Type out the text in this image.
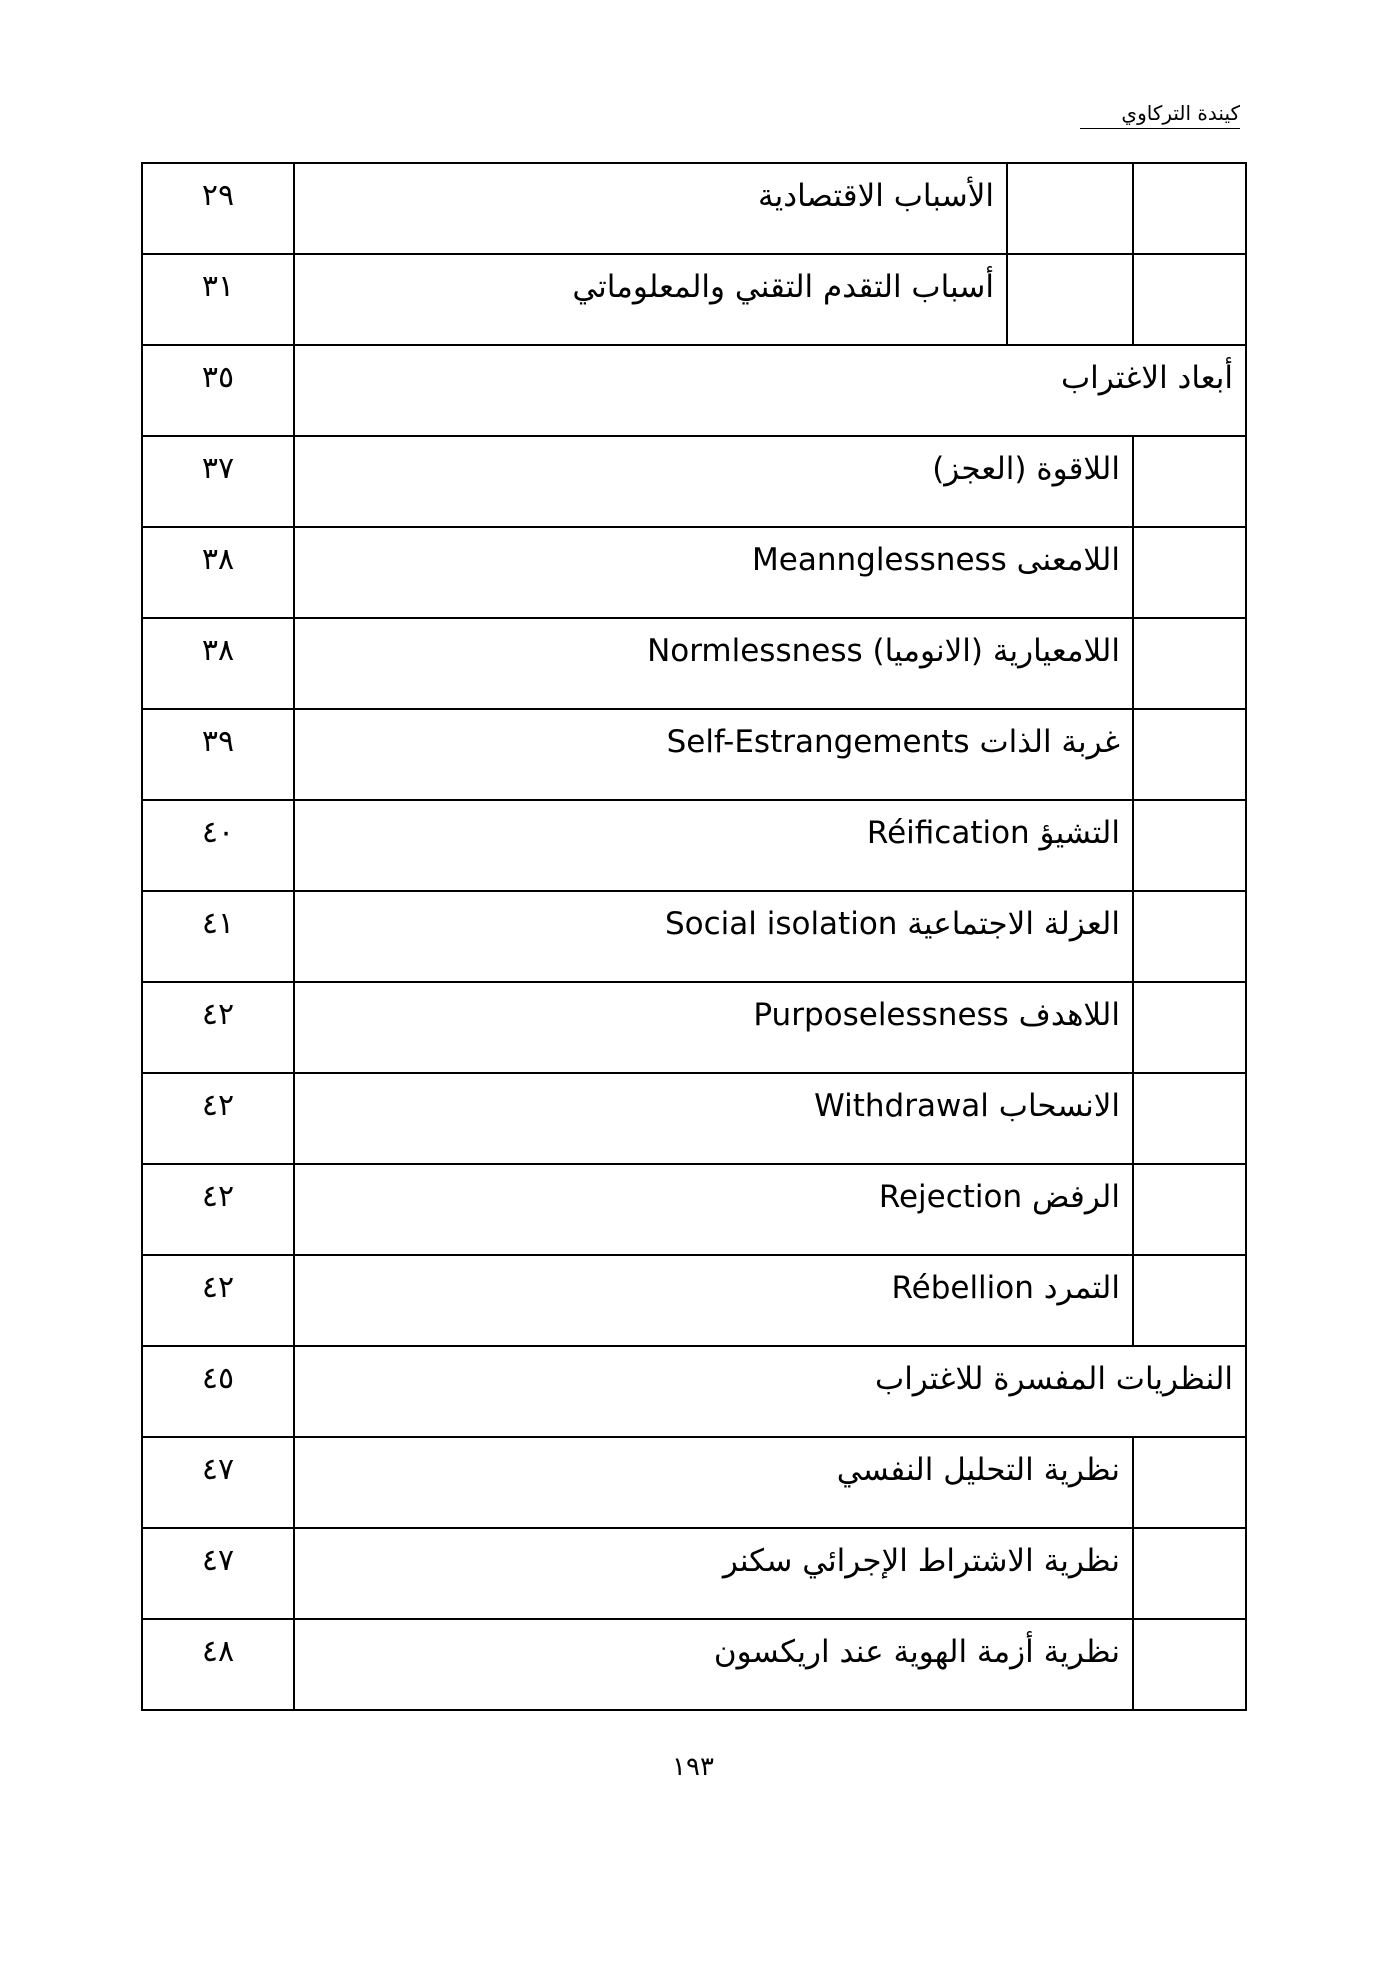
كيندة التركاوي
٢٩	الأسباب الاقتصادية		

٣١	أسباب التقدم التقني والمعلوماتي		

٣٥	أبعاد الاغتراب		

٣٧	اللاقوة (العجز)		

٣٨	اللامعنى Meannglessness		

٣٨	اللامعيارية (الانوميا) Normlessness		

٣٩	غربة الذات Self-Estrangements		

٤٠	التشيؤ Réification		

٤١	العزلة الاجتماعية Social isolation		

٤٢	اللاهدف Purposelessness		

٤٢	الانسحاب Withdrawal		

٤٢	الرفض Rejection		

٤٢	التمرد Rébellion		

٤٥	النظريات المفسرة للاغتراب		

٤٧	نظرية التحليل النفسي		

٤٧	نظرية الاشتراط الإجرائي سكنر		

٤٨	نظرية أزمة الهوية عند اريكسون		

١٩٣
